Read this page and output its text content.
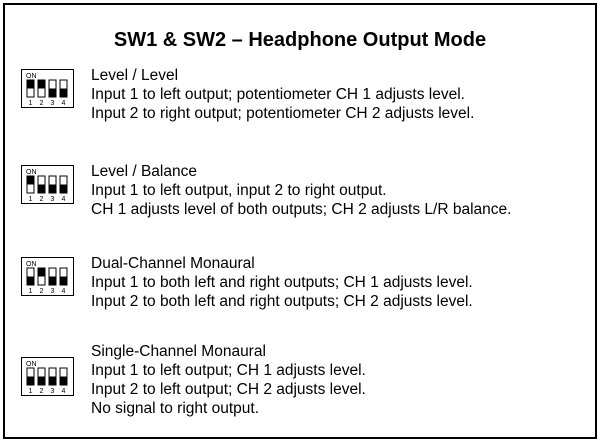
SW1 & SW2 – Headphone Output Mode
ON
1 2 3 4

Level / Level

Input 1 to left output; potentiometer CH 1 adjusts level.

Input 2 to right output; potentiometer CH 2 adjusts level.

ON
1 2 3 4

Level / Balance

Input 1 to left output, input 2 to right output.

CH 1 adjusts level of both outputs; CH 2 adjusts L/R balance.

ON
1 2 3 4

Dual-Channel Monaural

Input 1 to both left and right outputs; CH 1 adjusts level.

Input 2 to both left and right outputs; CH 2 adjusts level.

ON
1 2 3 4

Single-Channel Monaural

Input 1 to left output; CH 1 adjusts level.

Input 2 to left output; CH 2 adjusts level.

No signal to right output.
